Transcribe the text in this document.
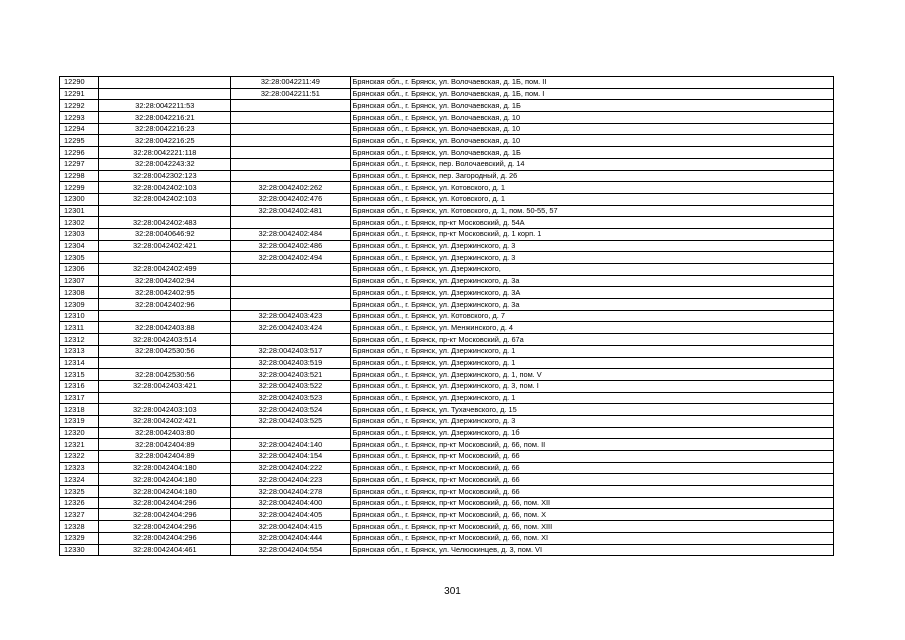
12290		32:28:0042211:49	Брянская обл., г. Брянск, ул. Волочаевская, д. 1Б, пом. II
12291		32:28:0042211:51	Брянская обл., г. Брянск, ул. Волочаевская, д. 1Б, пом. I
12292	32:28:0042211:53		Брянская обл., г. Брянск, ул. Волочаевская, д. 1Б
12293	32:28:0042216:21		Брянская обл., г. Брянск, ул. Волочаевская, д. 10
12294	32:28:0042216:23		Брянская обл., г. Брянск, ул. Волочаевская, д. 10
12295	32:28:0042216:25		Брянская обл., г. Брянск, ул. Волочаевская, д. 10
12296	32:28:0042221:118		Брянская обл., г. Брянск, ул. Волочаевская, д. 1Б
12297	32:28:0042243:32		Брянская обл., г. Брянск, пер. Волочаевский, д. 14
12298	32:28:0042302:123		Брянская обл., г. Брянск, пер. Загородный, д. 26
12299	32:28:0042402:103	32:28:0042402:262	Брянская обл., г. Брянск, ул. Котовского, д. 1
12300	32:28:0042402:103	32:28:0042402:476	Брянская обл., г. Брянск, ул. Котовского, д. 1
12301		32:28:0042402:481	Брянская обл., г. Брянск, ул. Котовского, д. 1, пом. 50-55, 57
12302	32:28:0042402:483		Брянская обл., г. Брянск, пр-кт Московский, д. 54А
12303	32:28:0040646:92	32:28:0042402:484	Брянская обл., г. Брянск, пр-кт Московский, д. 1 корп. 1
12304	32:28:0042402:421	32:28:0042402:486	Брянская обл., г. Брянск, ул. Дзержинского, д. 3
12305		32:28:0042402:494	Брянская обл., г. Брянск, ул. Дзержинского, д. 3
12306	32:28:0042402:499		Брянская обл., г. Брянск, ул. Дзержинского,
12307	32:28:0042402:94		Брянская обл., г. Брянск, ул. Дзержинского, д. 3а
12308	32:28:0042402:95		Брянская обл., г. Брянск, ул. Дзержинского, д. 3А
12309	32:28:0042402:96		Брянская обл., г. Брянск, ул. Дзержинского, д. 3а
12310		32:28:0042403:423	Брянская обл., г. Брянск, ул. Котовского, д. 7
12311	32:28:0042403:88	32:26:0042403:424	Брянская обл., г. Брянск, ул. Менжинского, д. 4
12312	32:28:0042403:514		Брянская обл., г. Брянск, пр-кт Московский, д. 67а
12313	32:28:0042530:56	32:28:0042403:517	Брянская обл., г. Брянск, ул. Дзержинского, д. 1
12314		32:28:0042403:519	Брянская обл., г. Брянск, ул. Дзержинского, д. 1
12315	32:28:0042530:56	32:28:0042403:521	Брянская обл., г. Брянск, ул. Дзержинского, д. 1, пом. V
12316	32:28:0042403:421	32:28:0042403:522	Брянская обл., г. Брянск, ул. Дзержинского, д. 3, пом. I
12317		32:28:0042403:523	Брянская обл., г. Брянск, ул. Дзержинского, д. 1
12318	32:28:0042403:103	32:28:0042403:524	Брянская обл., г. Брянск, ул. Тухачевского, д. 15
12319	32:28:0042402:421	32:28:0042403:525	Брянская обл., г. Брянск, ул. Дзержинского, д. 3
12320	32:28:0042403:80		Брянская обл., г. Брянск, ул. Дзержинского, д. 1б
12321	32:28:0042404:89	32:28:0042404:140	Брянская обл., г. Брянск, пр-кт Московский, д. 66, пом. II
12322	32:28:0042404:89	32:28:0042404:154	Брянская обл., г. Брянск, пр-кт Московский, д. 66
12323	32:28:0042404:180	32:28:0042404:222	Брянская обл., г. Брянск, пр-кт Московский, д. 66
12324	32:28:0042404:180	32:28:0042404:223	Брянская обл., г. Брянск, пр-кт Московский, д. 66
12325	32:28:0042404:180	32:28:0042404:278	Брянская обл., г. Брянск, пр-кт Московский, д. 66
12326	32:28:0042404:296	32:28:0042404:400	Брянская обл., г. Брянск, пр-кт Московский, д. 66, пом. XII
12327	32:28:0042404:296	32:28:0042404:405	Брянская обл., г. Брянск, пр-кт Московский, д. 66, пом. X
12328	32:28:0042404:296	32:28:0042404:415	Брянская обл., г. Брянск, пр-кт Московский, д. 66, пом. XIII
12329	32:28:0042404:296	32:28:0042404:444	Брянская обл., г. Брянск, пр-кт Московский, д. 66, пом. XI
12330	32:28:0042404:461	32:28:0042404:554	Брянская обл., г. Брянск, ул. Челюскинцев, д. 3, пом. VI
301
